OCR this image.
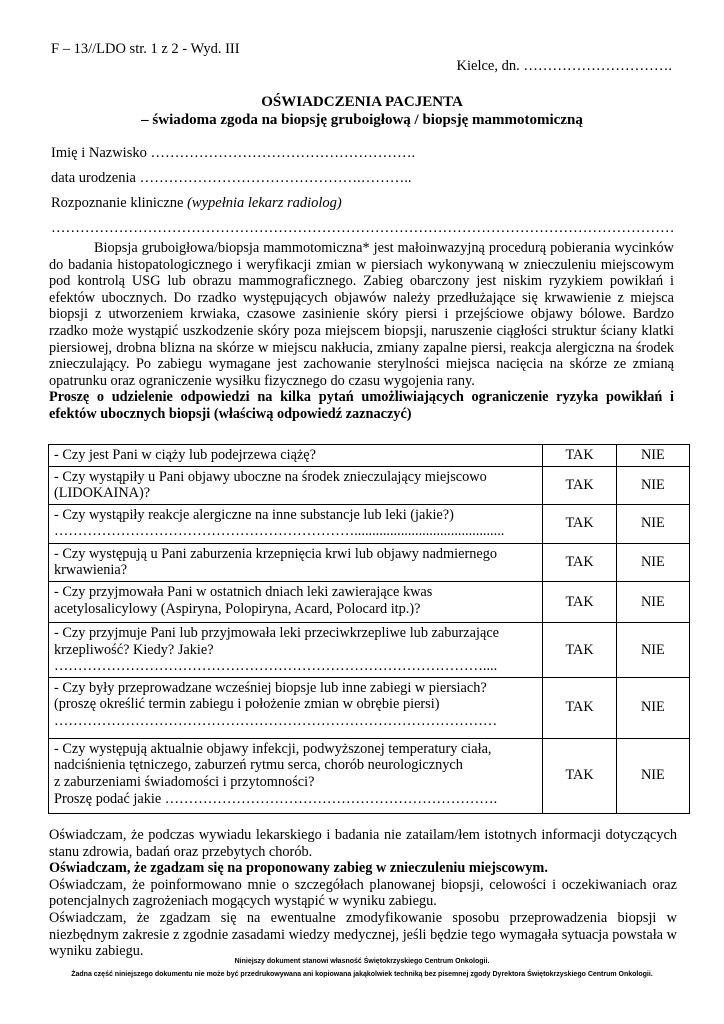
F – 13//LDO str. 1 z 2 - Wyd. III
Kielce, dn. ………………………….
OŚWIADCZENIA PACJENTA
– świadoma zgoda na biopsję gruboigłową / biopsję mammotomiczną
Imię i Nazwisko ……………………………………………….
data urodzenia ……………………………………….………..
Rozpoznanie kliniczne (wypełnia lekarz radiolog)
…………………………………………………………………………………………………………………

Biopsja gruboigłowa/biopsja mammotomiczna* jest małoinwazyjną procedurą pobierania wycinków do badania histopatologicznego i weryfikacji zmian w piersiach wykonywaną w znieczuleniu miejscowym pod kontrolą USG lub obrazu mammograficznego. Zabieg obarczony jest niskim ryzykiem powikłań i efektów ubocznych. Do rzadko występujących objawów należy przedłużające się krwawienie z miejsca biopsji z utworzeniem krwiaka, czasowe zasinienie skóry piersi i przejściowe objawy bólowe. Bardzo rzadko może wystąpić uszkodzenie skóry poza miejscem biopsji, naruszenie ciągłości struktur ściany klatki piersiowej, drobna blizna na skórze w miejscu nakłucia, zmiany zapalne piersi, reakcja alergiczna na środek znieczulający. Po zabiegu wymagane jest zachowanie sterylności miejsca nacięcia na skórze ze zmianą opatrunku oraz ograniczenie wysiłku fizycznego do czasu wygojenia rany.

Proszę o udzielenie odpowiedzi na kilka pytań umożliwiających ograniczenie ryzyka powikłań i efektów ubocznych biopsji (właściwą odpowiedź zaznaczyć)

- Czy jest Pani w ciąży lub podejrzewa ciążę?	TAK	NIE

- Czy wystąpiły u Pani objawy uboczne na środek znieczulający miejscowo
(LIDOKAINA)?	TAK	NIE

- Czy wystąpiły reakcje alergiczne na inne substancje lub leki (jakie?)
………………………………………………………..........................................	TAK	NIE

- Czy występują u Pani zaburzenia krzepnięcia krwi lub objawy nadmiernego
krwawienia?	TAK	NIE

- Czy przyjmowała Pani w ostatnich dniach leki zawierające kwas
acetylosalicylowy (Aspiryna, Polopiryna, Acard, Polocard itp.)?	TAK	NIE

- Czy przyjmuje Pani lub przyjmowała leki przeciwkrzepliwe lub zaburzające
krzepliwość? Kiedy? Jakie?
………………………………………………………………………………....	TAK	NIE

- Czy były przeprowadzane wcześniej biopsje lub inne zabiegi w piersiach?
(proszę określić termin zabiegu i położenie zmian w obrębie piersi)
…………………………………………………………………………………	TAK	NIE

- Czy występują aktualnie objawy infekcji, podwyższonej temperatury ciała,
nadciśnienia tętniczego, zaburzeń rytmu serca, chorób neurologicznych
z zaburzeniami świadomości i przytomności?
Proszę podać jakie …………………………………………………………….	TAK	NIE

Oświadczam, że podczas wywiadu lekarskiego i badania nie zatailam/łem istotnych informacji dotyczących stanu zdrowia, badań oraz przebytych chorób.

Oświadczam, że zgadzam się na proponowany zabieg w znieczuleniu miejscowym.

Oświadczam, że poinformowano mnie o szczegółach planowanej biopsji, celowości i oczekiwaniach oraz potencjalnych zagrożeniach mogących wystąpić w wyniku zabiegu.

Oświadczam, że zgadzam się na ewentualne zmodyfikowanie sposobu przeprowadzenia biopsji w niezbędnym zakresie z zgodnie zasadami wiedzy medycznej, jeśli będzie tego wymagała sytuacja powstała w wyniku zabiegu.

Niniejszy dokument stanowi własność Świętokrzyskiego Centrum Onkologii.
Żadna część niniejszego dokumentu nie może być przedrukowywana ani kopiowana jakąkolwiek techniką bez pisemnej zgody Dyrektora Świętokrzyskiego Centrum Onkologii.
